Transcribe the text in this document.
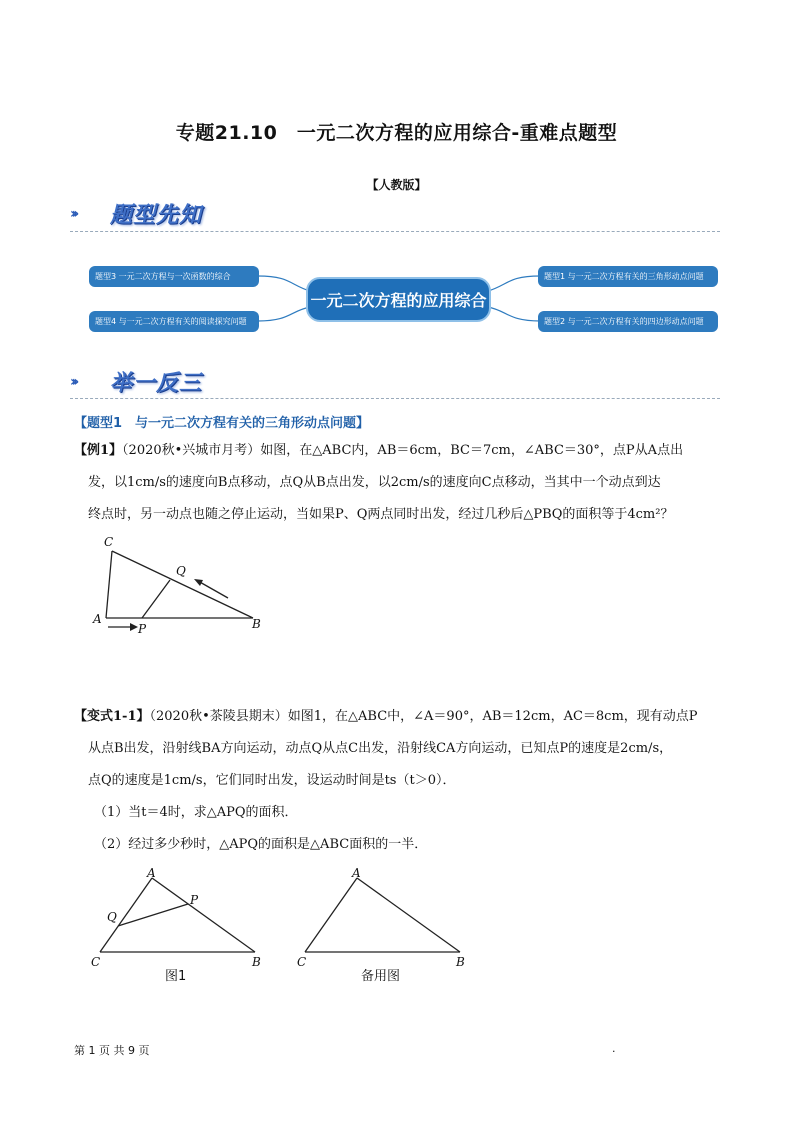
专题21.10　一元二次方程的应用综合-重难点题型
【人教版】
››› 题型先知
题型3 一元二次方程与一次函数的综合
题型4 与一元二次方程有关的阅读探究问题
一元二次方程的应用综合
题型1 与一元二次方程有关的三角形动点问题
题型2 与一元二次方程有关的四边形动点问题
››› 举一反三
【题型1　与一元二次方程有关的三角形动点问题】
【例1】（2020秋•兴城市月考）如图，在△ABC内，AB＝6cm，BC＝7cm，∠ABC＝30°，点P从A点出
发，以1cm/s的速度向B点移动，点Q从B点出发，以2cm/s的速度向C点移动，当其中一个动点到达
终点时，另一动点也随之停止运动，当如果P、Q两点同时出发，经过几秒后△PBQ的面积等于4cm²？
C
Q
A
P	B
【变式1-1】（2020秋•茶陵县期末）如图1，在△ABC中，∠A＝90°，AB＝12cm，AC＝8cm，现有动点P
从点B出发，沿射线BA方向运动，动点Q从点C出发，沿射线CA方向运动，已知点P的速度是2cm/s，
点Q的速度是1cm/s，它们同时出发，设运动时间是ts（t＞0）．
（1）当t＝4时，求△APQ的面积．
（2）经过多少秒时，△APQ的面积是△ABC面积的一半．
A
P
Q
C	B
图1
A
C	B
备用图
第 1 页 共 9 页	.
